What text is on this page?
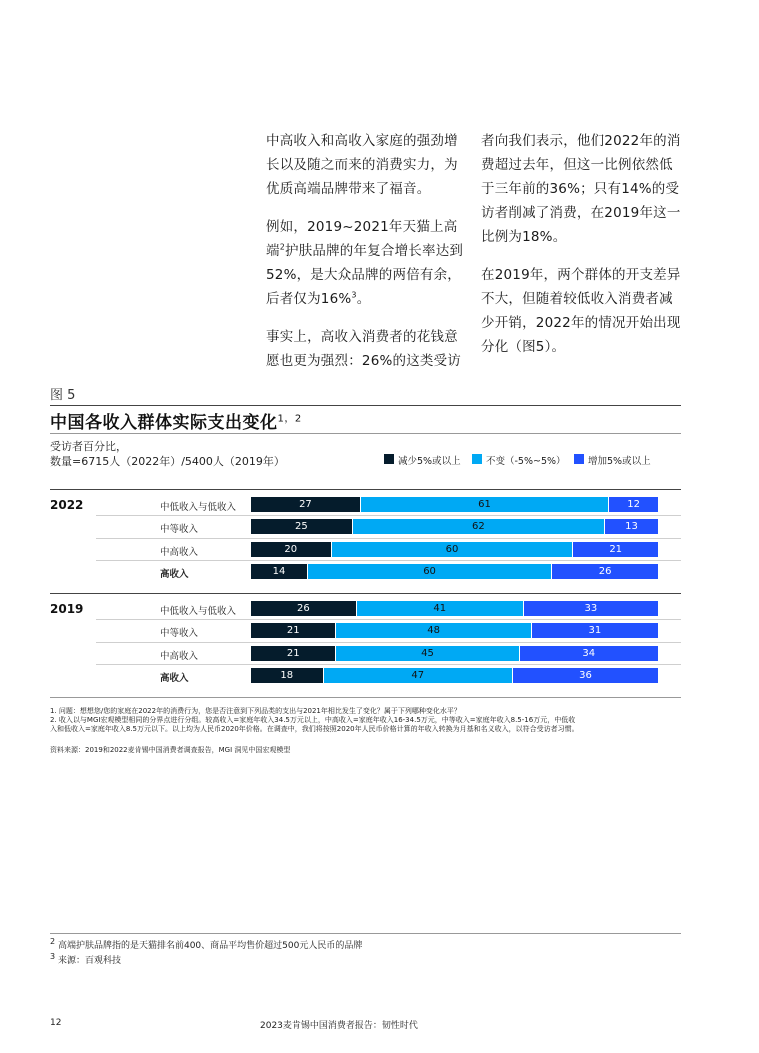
中高收入和高收入家庭的强劲增长以及随之而来的消费实力，为优质高端品牌带来了福音。

例如，2019~2021年天猫上高端$^2$护肤品牌的年复合增长率达到52%，是大众品牌的两倍有余，后者仅为16%$^3$。

事实上，高收入消费者的花钱意愿也更为强烈：26%的这类受访

者向我们表示，他们2022年的消费超过去年，但这一比例依然低于三年前的36%；只有14%的受访者削减了消费，在2019年这一比例为18%。

在2019年，两个群体的开支差异不大，但随着较低收入消费者减少开销，2022年的情况开始出现分化（图5）。

图 5
中国各收入群体实际支出变化$^{1,2}$
受访者百分比，
数量=6715人（2022年）/5400人（2019年）	减少5%或以上	不变（-5%~5%） 增加5%或以上
2022	中低收入与低收入	27	61	12
中等收入	25	62	13
中高收入	20	60	21
高收入	14	60	26
2019	中低收入与低收入	26	41	33
中等收入	21	48	31
中高收入	21	45	34
高收入	18	47	36
1. 问题：想想您/您的家庭在2022年的消费行为，您是否注意到下列品类的支出与2021年相比发生了变化？属于下列哪种变化水平？
2. 收入以与MGI宏观模型相同的分界点进行分组。较高收入=家庭年收入34.5万元以上，中高收入=家庭年收入16-34.5万元，中等收入=家庭年收入8.5-16万元，中低收
入和低收入=家庭年收入8.5万元以下。以上均为人民币2020年价格。在调查中，我们将按照2020年人民币价格计算的年收入转换为月基和名义收入，以符合受访者习惯。
资料来源：2019和2022麦肯锡中国消费者调查报告，MGI 洞见中国宏观模型
$^2$ 高端护肤品牌指的是天猫排名前400、商品平均售价超过500元人民币的品牌
$^3$ 来源：百观科技
12	2023麦肯锡中国消费者报告：韧性时代
